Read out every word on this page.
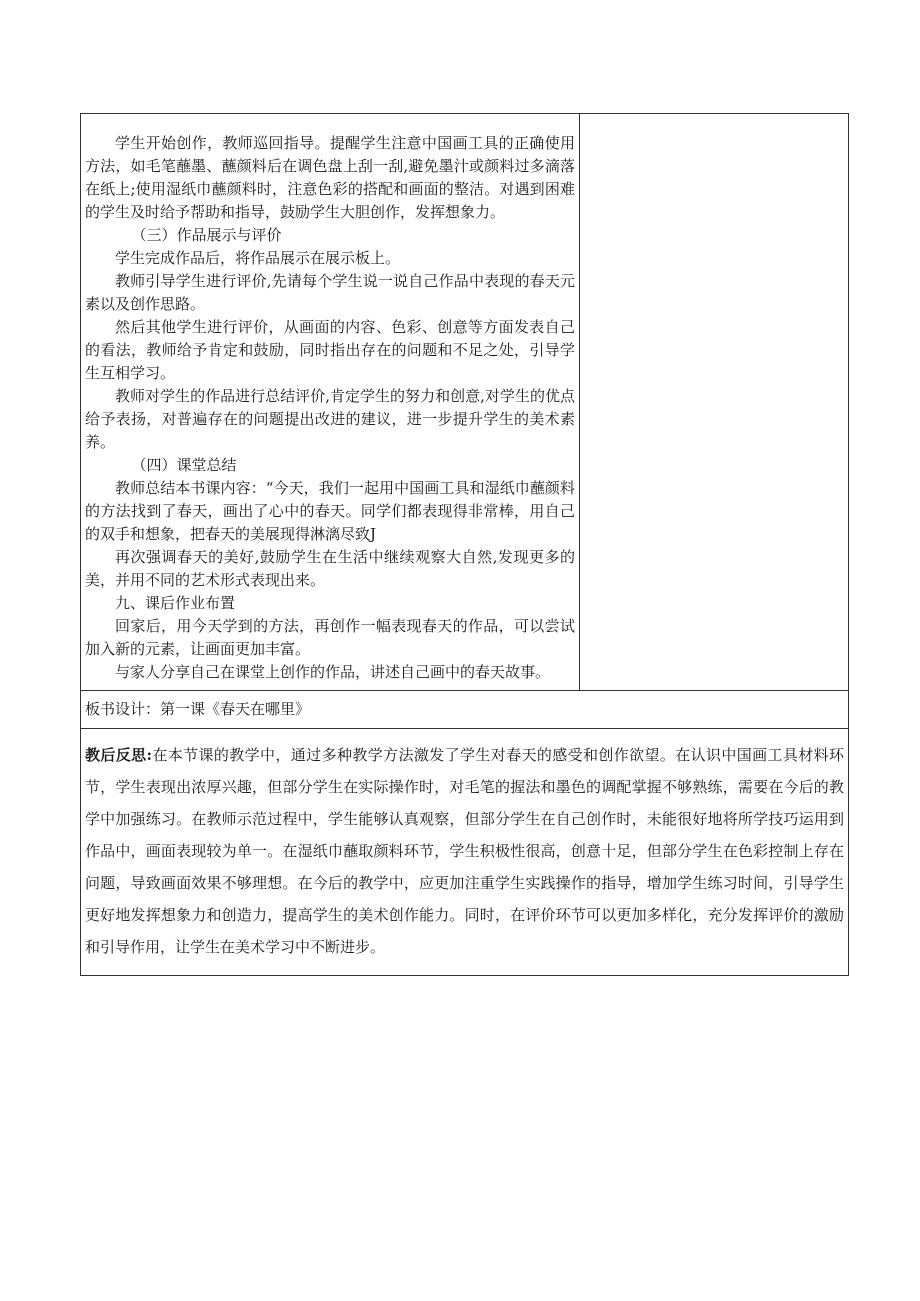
学生开始创作，教师巡回指导。提醒学生注意中国画工具的正确使用方法，如毛笔蘸墨、蘸颜料后在调色盘上刮一刮,避免墨汁或颜料过多滴落在纸上;使用湿纸巾蘸颜料时，注意色彩的搭配和画面的整洁。对遇到困难的学生及时给予帮助和指导，鼓励学生大胆创作，发挥想象力。

（三）作品展示与评价

学生完成作品后，将作品展示在展示板上。

教师引导学生进行评价,先请每个学生说一说自己作品中表现的春天元素以及创作思路。

然后其他学生进行评价，从画面的内容、色彩、创意等方面发表自己的看法，教师给予肯定和鼓励，同时指出存在的问题和不足之处，引导学生互相学习。

教师对学生的作品进行总结评价,肯定学生的努力和创意,对学生的优点给予表扬，对普遍存在的问题提出改进的建议，进一步提升学生的美术素养。

（四）课堂总结

教师总结本书课内容：“今天，我们一起用中国画工具和湿纸巾蘸颜料的方法找到了春天，画出了心中的春天。同学们都表现得非常棒，用自己的双手和想象，把春天的美展现得淋漓尽致J

再次强调春天的美好,鼓励学生在生活中继续观察大自然,发现更多的美，并用不同的艺术形式表现出来。

九、课后作业布置

回家后，用今天学到的方法，再创作一幅表现春天的作品，可以尝试加入新的元素，让画面更加丰富。

与家人分享自己在课堂上创作的作品，讲述自己画中的春天故事。

板书设计：第一课《春天在哪里》
教后反思:在本节课的教学中，通过多种教学方法激发了学生对春天的感受和创作欲望。在认识中国画工具材料环节，学生表现出浓厚兴趣，但部分学生在实际操作时，对毛笔的握法和墨色的调配掌握不够熟练，需要在今后的教学中加强练习。在教师示范过程中，学生能够认真观察，但部分学生在自己创作时，未能很好地将所学技巧运用到作品中，画面表现较为单一。在湿纸巾蘸取颜料环节，学生积极性很高，创意十足，但部分学生在色彩控制上存在问题，导致画面效果不够理想。在今后的教学中，应更加注重学生实践操作的指导，增加学生练习时间，引导学生更好地发挥想象力和创造力，提高学生的美术创作能力。同时，在评价环节可以更加多样化，充分发挥评价的激励和引导作用，让学生在美术学习中不断进步。
